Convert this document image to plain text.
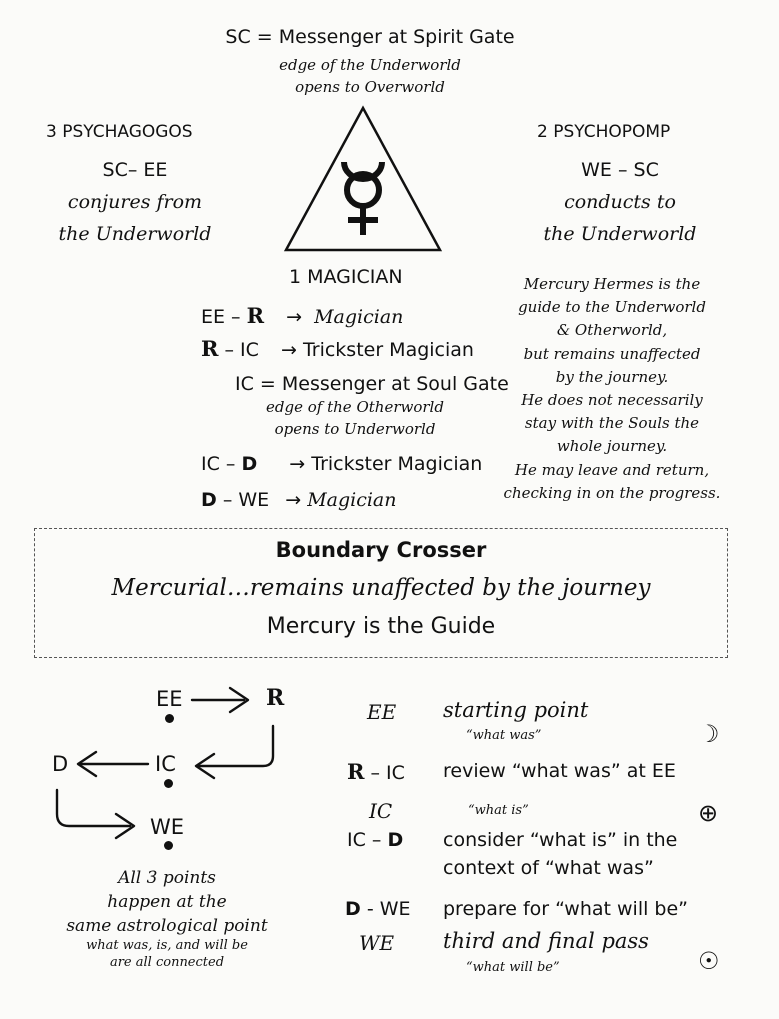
SC = Messenger at Spirit Gate
edge of the Underworld
opens to Overworld
3 PSYCHAGOGOS
SC– EE
conjures from
the Underworld
2 PSYCHOPOMP
WE – SC
conducts to
the Underworld
1 MAGICIAN
EE – R → Magician
R – IC → Trickster Magician
IC = Messenger at Soul Gate
edge of the Otherworld
opens to Underworld
IC – D → Trickster Magician
D – WE → Magician
Mercury Hermes is the
guide to the Underworld
& Otherworld,
but remains unaffected
by the journey.
He does not necessarily
stay with the Souls the
whole journey.
He may leave and return,
checking in on the progress.
Boundary Crosser
Mercurial…remains unaffected by the journey
Mercury is the Guide
EE	R
D	IC
WE
All 3 points
happen at the
same astrological point
what was, is, and will be
are all connected
EE starting point
“what was”	☽
R – IC review “what was” at EE
IC	“what is”	⊕
IC – D consider “what is” in the
context of “what was”
D - WE prepare for “what will be”
WE third and final pass
“what will be”	☉
